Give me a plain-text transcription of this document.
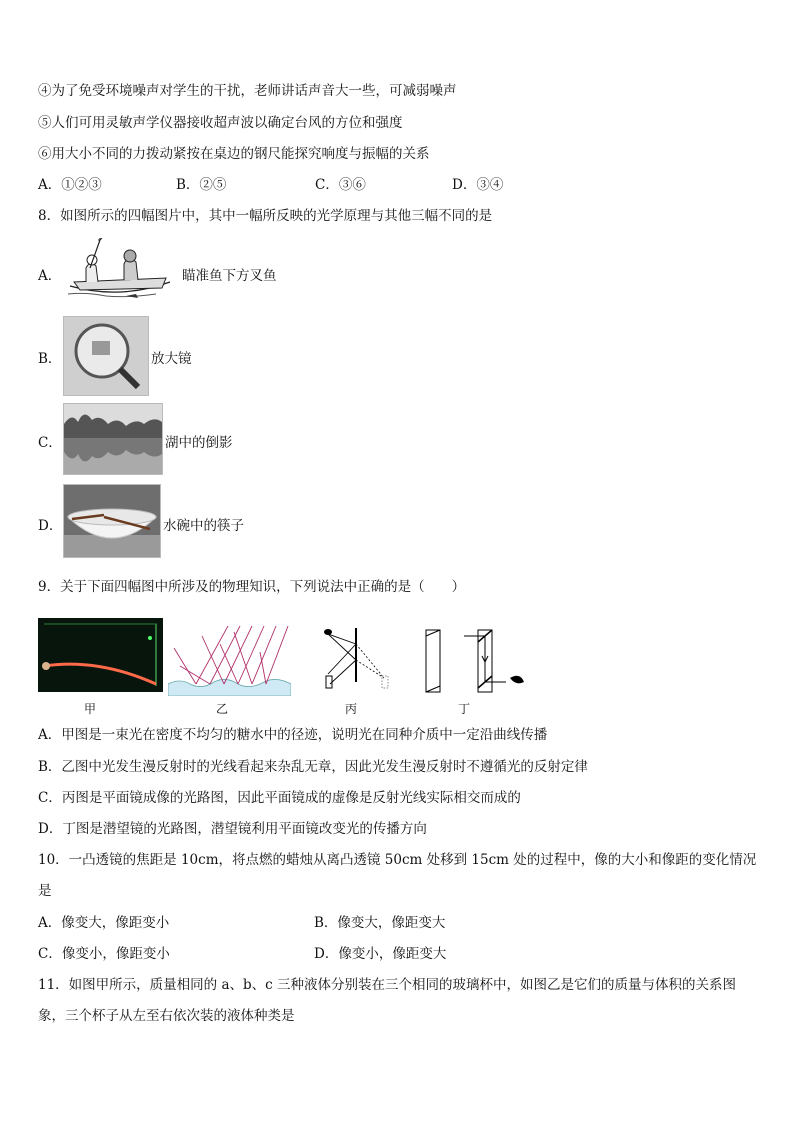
④为了免受环境噪声对学生的干扰，老师讲话声音大一些，可减弱噪声
⑤人们可用灵敏声学仪器接收超声波以确定台风的方位和强度
⑥用大小不同的力拨动紧按在桌边的钢尺能探究响度与振幅的关系
A．①②③	B．②⑤	C．③⑥	D．③④
8．如图所示的四幅图片中，其中一幅所反映的光学原理与其他三幅不同的是
A．	瞄准鱼下方叉鱼
B．	放大镜
C．	湖中的倒影
D．	水碗中的筷子
9．关于下面四幅图中所涉及的物理知识，下列说法中正确的是（　　）
甲	乙	丙	丁
A．甲图是一束光在密度不均匀的糖水中的径迹，说明光在同种介质中一定沿曲线传播
B．乙图中光发生漫反射时的光线看起来杂乱无章，因此光发生漫反射时不遵循光的反射定律
C．丙图是平面镜成像的光路图，因此平面镜成的虚像是反射光线实际相交而成的
D．丁图是潜望镜的光路图，潜望镜利用平面镜改变光的传播方向
10．一凸透镜的焦距是 10cm，将点燃的蜡烛从离凸透镜 50cm 处移到 15cm 处的过程中，像的大小和像距的变化情况
是
A．像变大，像距变小	B．像变大，像距变大
C．像变小，像距变小	D．像变小，像距变大
11．如图甲所示，质量相同的 a、b、c 三种液体分别装在三个相同的玻璃杯中，如图乙是它们的质量与体积的关系图
象，三个杯子从左至右依次装的液体种类是
